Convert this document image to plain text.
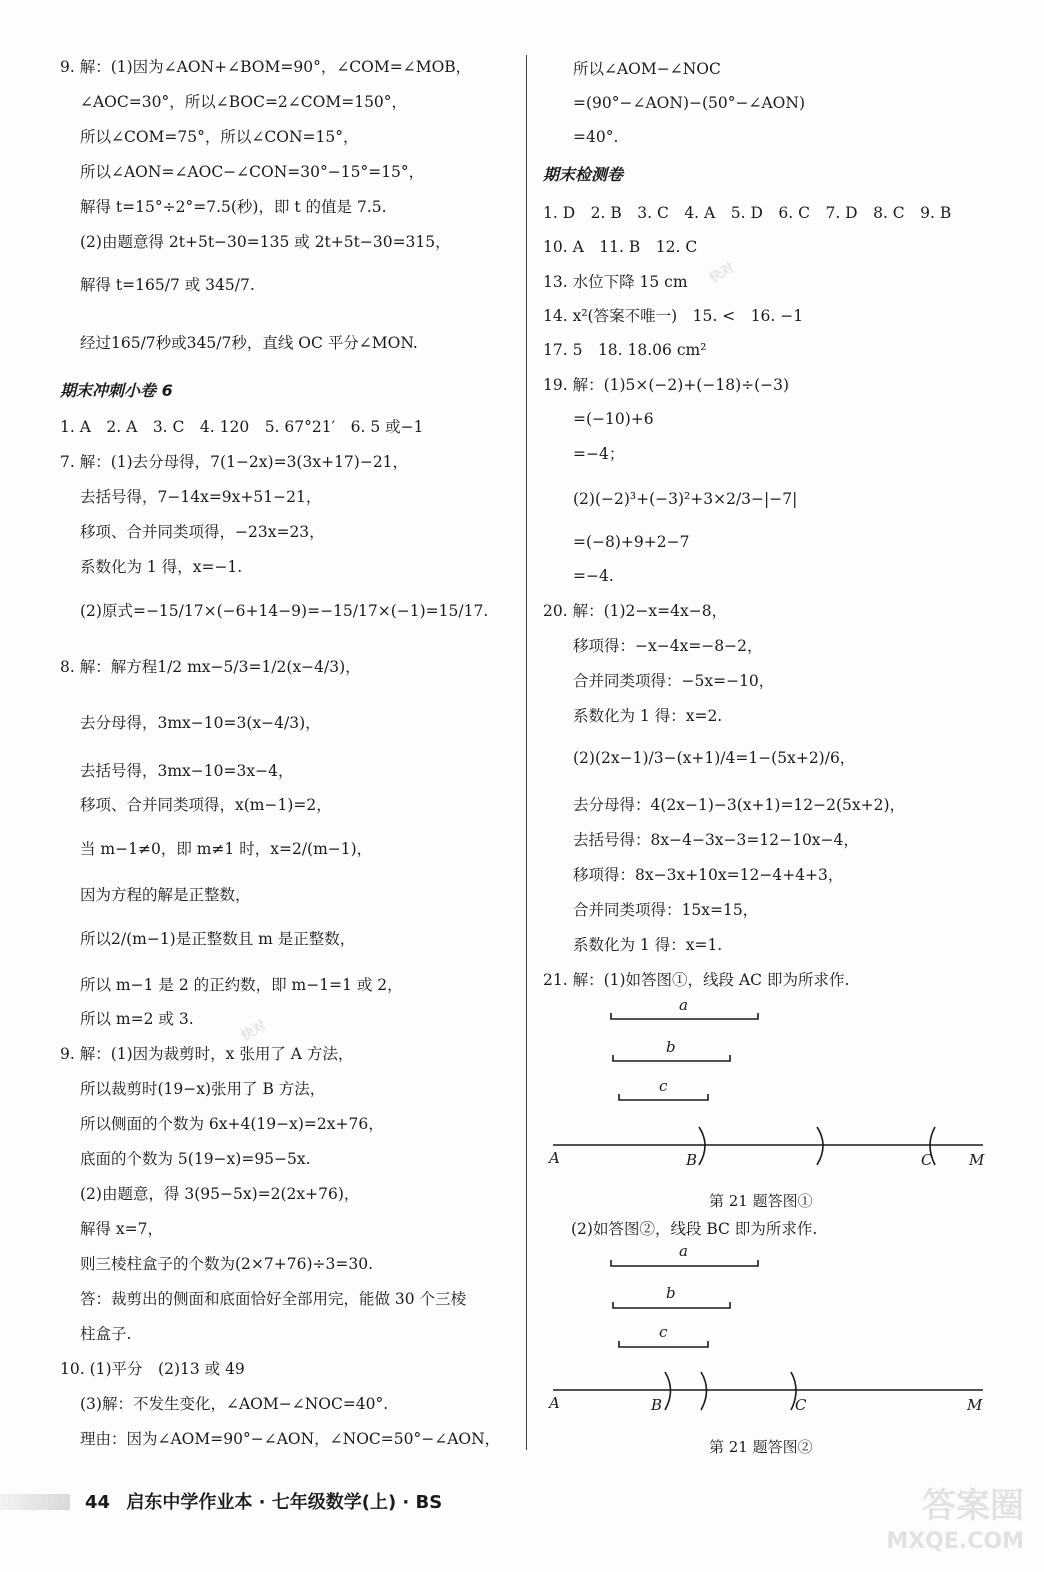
9. 解：(1)因为∠AON+∠BOM=90°，∠COM=∠MOB，
∠AOC=30°，所以∠BOC=2∠COM=150°，
所以∠COM=75°，所以∠CON=15°，
所以∠AON=∠AOC−∠CON=30°−15°=15°，
解得 t=15°÷2°=7.5(秒)，即 t 的值是 7.5.
(2)由题意得 2t+5t−30=135 或 2t+5t−30=315，
解得 t=165/7 或 345/7.
经过165/7秒或345/7秒，直线 OC 平分∠MON.
期末冲刺小卷 6
1. A　2. A　3. C　4. 120　5. 67°21′　6. 5 或−1
7. 解：(1)去分母得，7(1−2x)=3(3x+17)−21，
去括号得，7−14x=9x+51−21，
移项、合并同类项得，−23x=23，
系数化为 1 得，x=−1.
(2)原式=−15/17×(−6+14−9)=−15/17×(−1)=15/17.
8. 解：解方程1/2 mx−5/3=1/2(x−4/3)，
去分母得，3mx−10=3(x−4/3)，
去括号得，3mx−10=3x−4，
移项、合并同类项得，x(m−1)=2，
当 m−1≠0，即 m≠1 时，x=2/(m−1)，
因为方程的解是正整数，
所以2/(m−1)是正整数且 m 是正整数，
所以 m−1 是 2 的正约数，即 m−1=1 或 2，
所以 m=2 或 3.
9. 解：(1)因为裁剪时，x 张用了 A 方法，
所以裁剪时(19−x)张用了 B 方法，
所以侧面的个数为 6x+4(19−x)=2x+76，
底面的个数为 5(19−x)=95−5x.
(2)由题意，得 3(95−5x)=2(2x+76)，
解得 x=7，
则三棱柱盒子的个数为(2×7+76)÷3=30.
答：裁剪出的侧面和底面恰好全部用完，能做 30 个三棱
柱盒子.
10. (1)平分　(2)13 或 49
(3)解：不发生变化，∠AOM−∠NOC=40°.
理由：因为∠AOM=90°−∠AON，∠NOC=50°−∠AON，
所以∠AOM−∠NOC
=(90°−∠AON)−(50°−∠AON)
=40°.
期末检测卷
1. D　2. B　3. C　4. A　5. D　6. C　7. D　8. C　9. B
10. A　11. B　12. C
13. 水位下降 15 cm
14. x²(答案不唯一)　15. <　16. −1
17. 5　18. 18.06 cm²
19. 解：(1)5×(−2)+(−18)÷(−3)
=(−10)+6
=−4；
(2)(−2)³+(−3)²+3×2/3−|−7|
=(−8)+9+2−7
=−4.
20. 解：(1)2−x=4x−8，
移项得：−x−4x=−8−2，
合并同类项得：−5x=−10，
系数化为 1 得：x=2.
(2)(2x−1)/3−(x+1)/4=1−(5x+2)/6，
去分母得：4(2x−1)−3(x+1)=12−2(5x+2)，
去括号得：8x−4−3x−3=12−10x−4，
移项得：8x−3x+10x=12−4+4+3，
合并同类项得：15x=15，
系数化为 1 得：x=1.
21. 解：(1)如答图①，线段 AC 即为所求作.
a
b
c
A	B	C M
第 21 题答图①
(2)如答图②，线段 BC 即为所求作.
a
b
c
A	B	C	M
第 21 题答图②
44 启东中学作业本 · 七年级数学(上) · BS	答案圈
MXQE.COM
快对
快对
